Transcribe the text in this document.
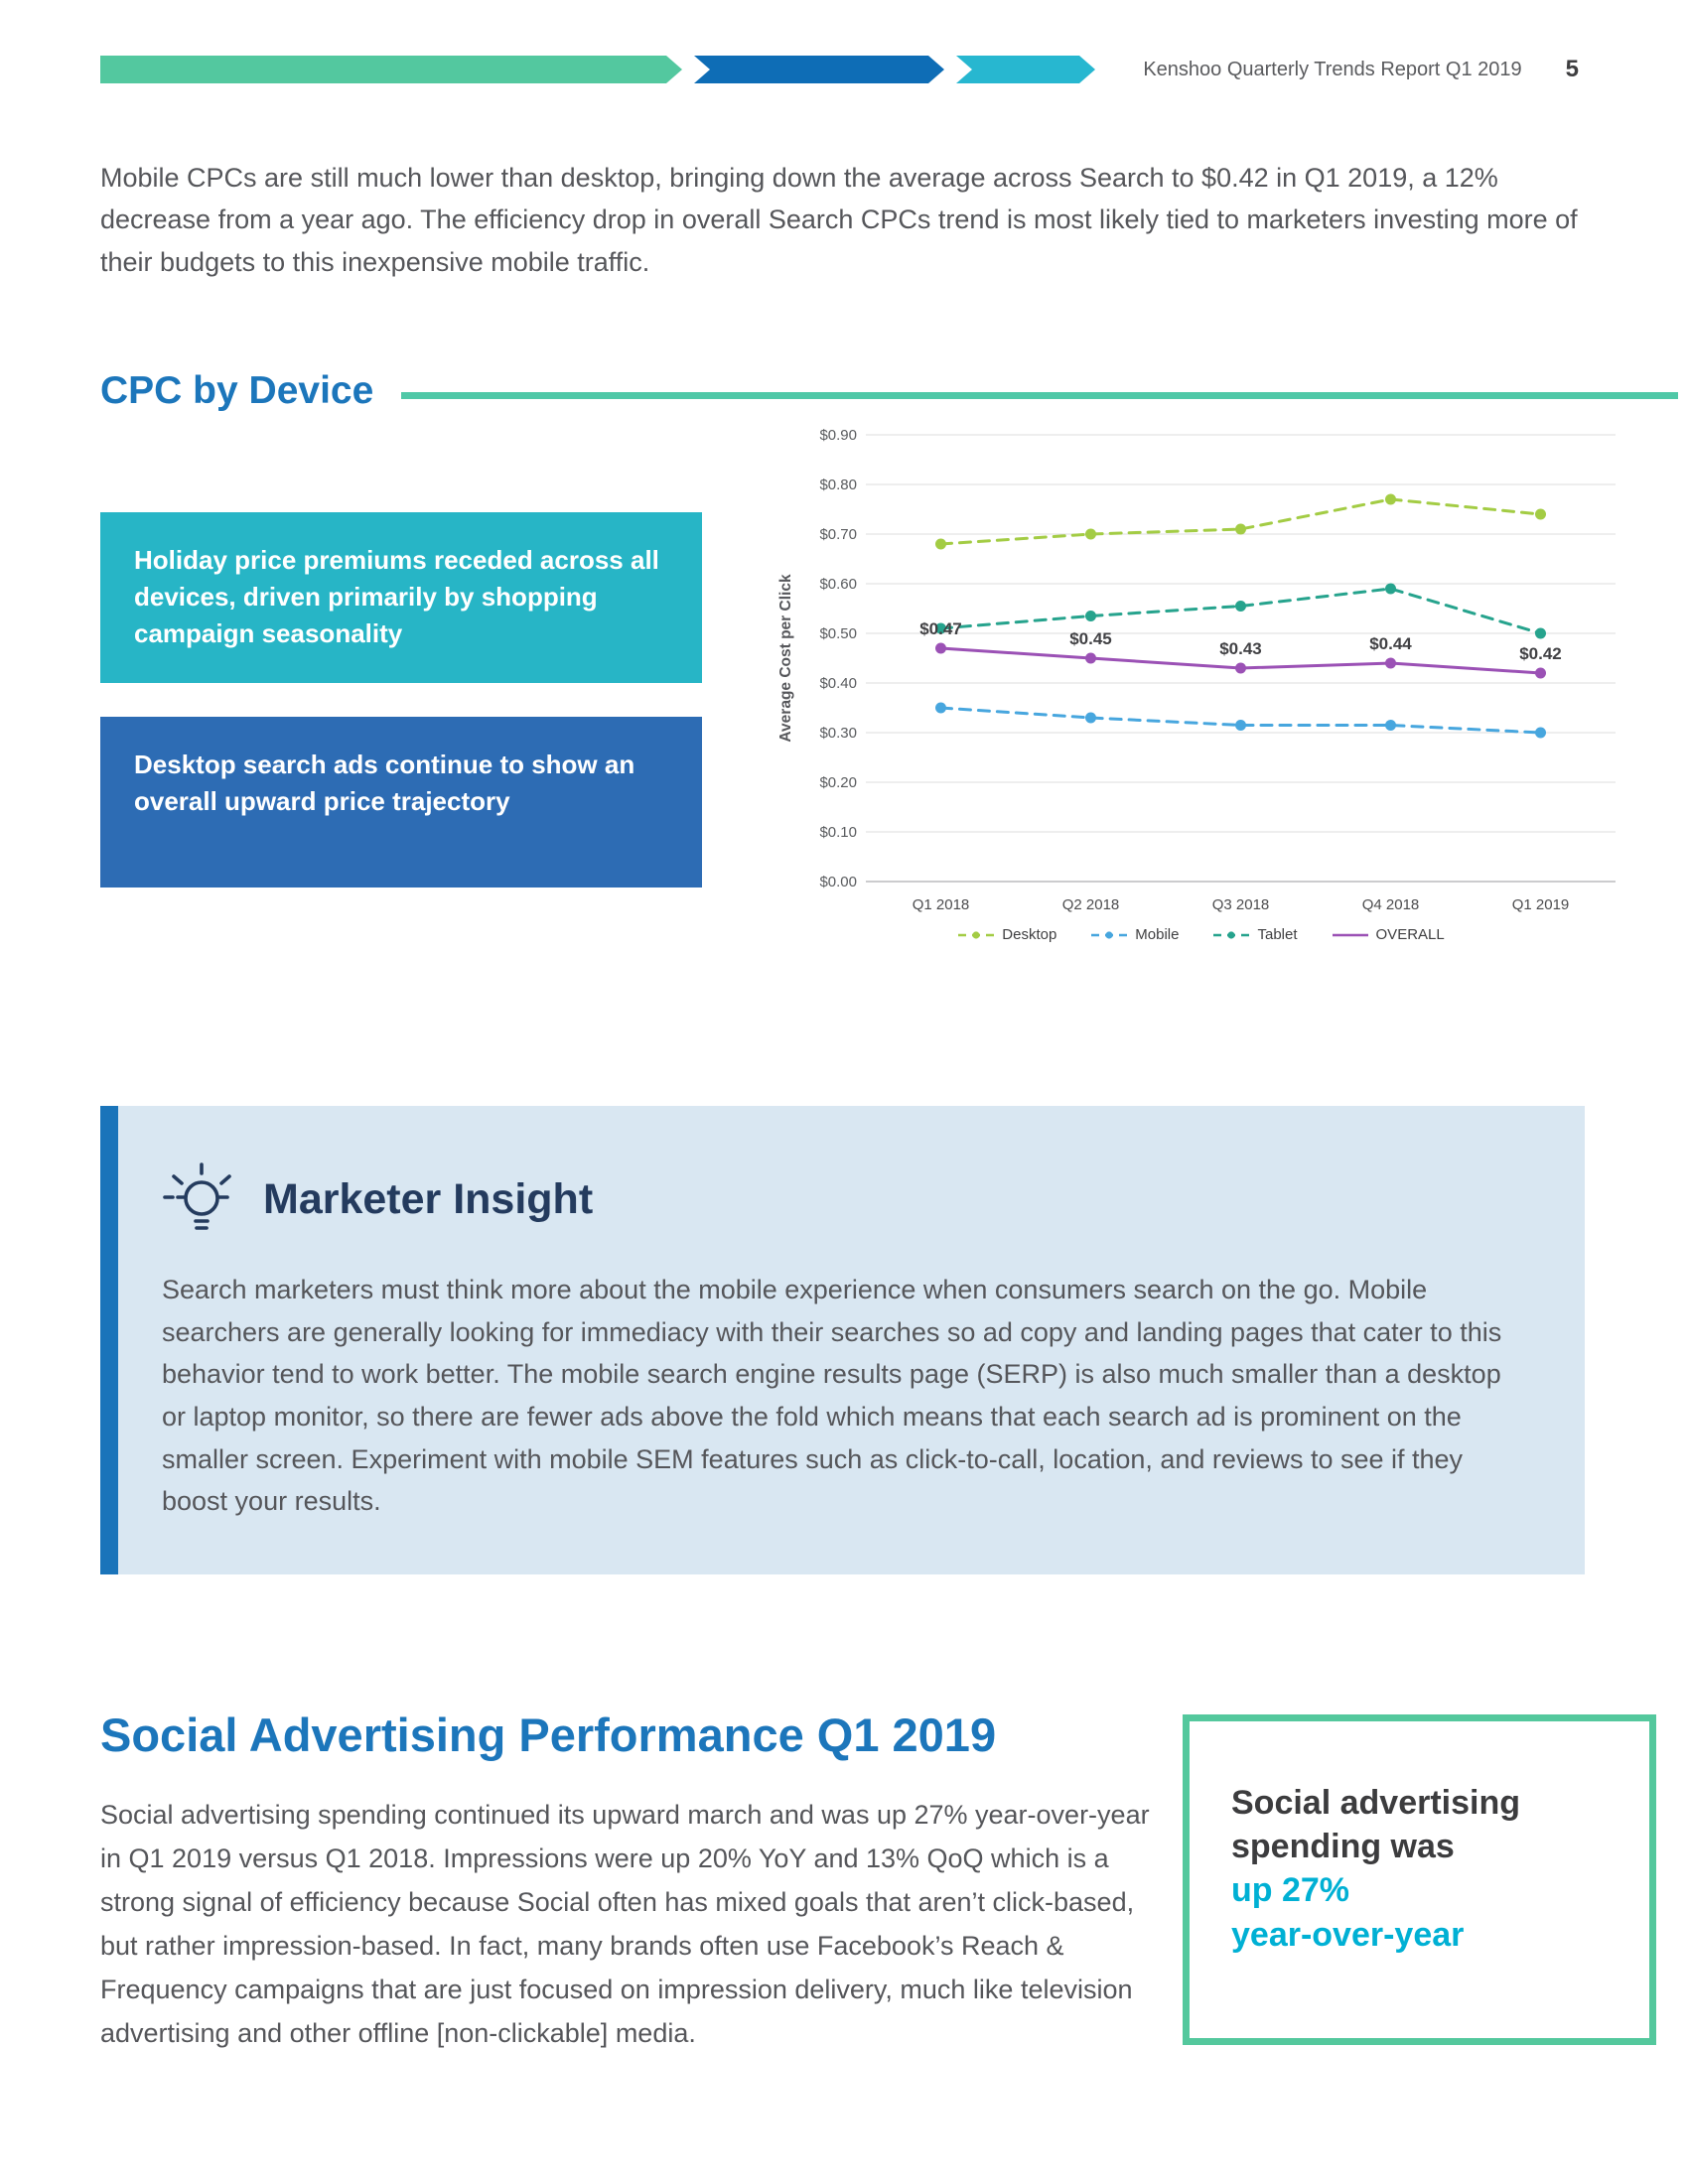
Kenshoo Quarterly Trends Report Q1 2019 5

Mobile CPCs are still much lower than desktop, bringing down the average across Search to $0.42 in Q1 2019, a 12% decrease from a year ago. The efficiency drop in overall Search CPCs trend is most likely tied to marketers investing more of their budgets to this inexpensive mobile traffic.

CPC by Device
Holiday price premiums receded across all devices, driven primarily by shopping campaign seasonality
Desktop search ads continue to show an overall upward price trajectory
$0.00
$0.10
$0.20
$0.30
$0.40
$0.50
$0.60
$0.70
$0.80
$0.90
Q1 2018	Q2 2018	Q3 2018	Q4 2018	Q1 2019
Average Cost per Click	$0.47
$0.45
$0.43	$0.44
$0.42
Desktop	Mobile	Tablet	OVERALL
Marketer Insight

Search marketers must think more about the mobile experience when consumers search on the go. Mobile searchers are generally looking for immediacy with their searches so ad copy and landing pages that cater to this behavior tend to work better. The mobile search engine results page (SERP) is also much smaller than a desktop or laptop monitor, so there are fewer ads above the fold which means that each search ad is prominent on the smaller screen. Experiment with mobile SEM features such as click-to-call, location, and reviews to see if they boost your results.

Social Advertising Performance Q1 2019

Social advertising spending continued its upward march and was up 27% year-over-year in Q1 2019 versus Q1 2018. Impressions were up 20% YoY and 13% QoQ which is a strong signal of efficiency because Social often has mixed goals that aren’t click-based, but rather impression-based. In fact, many brands often use Facebook’s Reach & Frequency campaigns that are just focused on impression delivery, much like television advertising and other offline [non-clickable] media.

Social advertising
spending was
up 27%
year-over-year
